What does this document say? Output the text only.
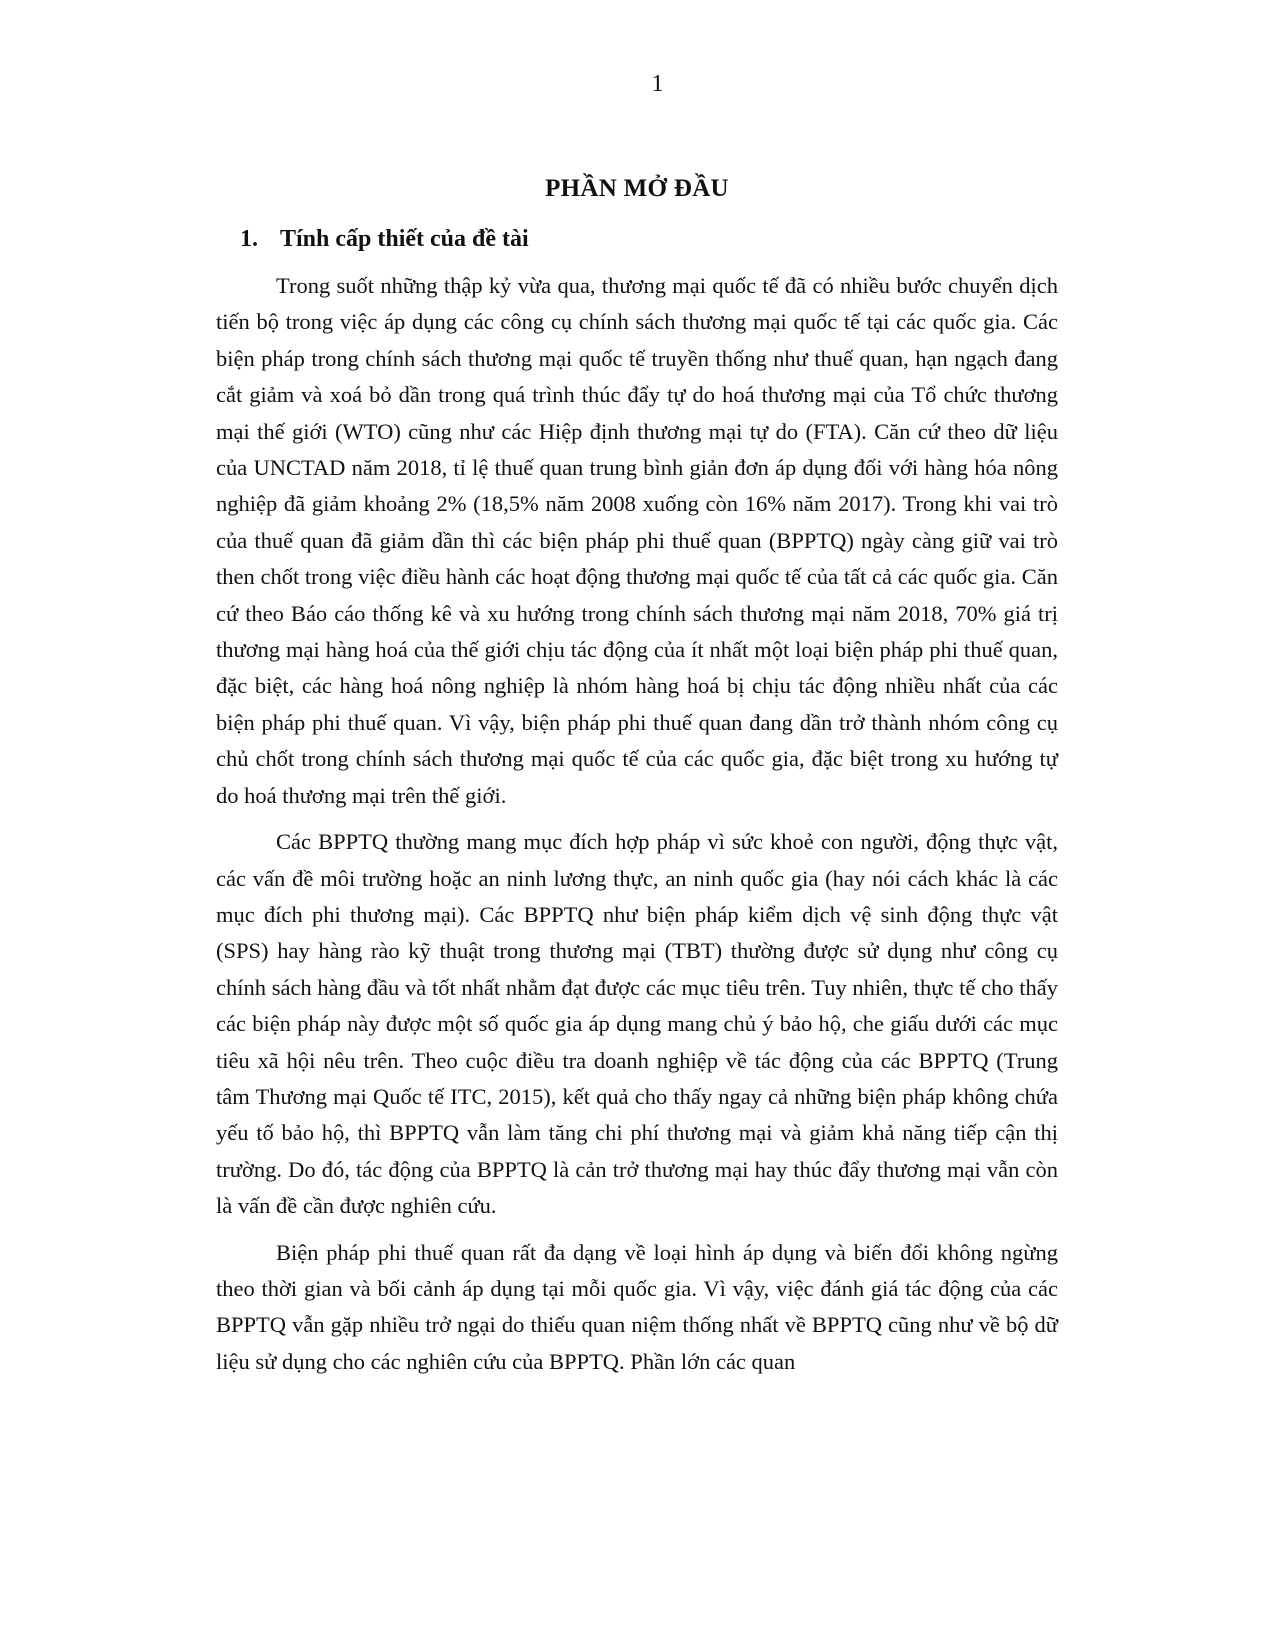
1
PHẦN MỞ ĐẦU
1. Tính cấp thiết của đề tài

Trong suốt những thập kỷ vừa qua, thương mại quốc tế đã có nhiều bước chuyển dịch tiến bộ trong việc áp dụng các công cụ chính sách thương mại quốc tế tại các quốc gia. Các biện pháp trong chính sách thương mại quốc tế truyền thống như thuế quan, hạn ngạch đang cắt giảm và xoá bỏ dần trong quá trình thúc đẩy tự do hoá thương mại của Tổ chức thương mại thế giới (WTO) cũng như các Hiệp định thương mại tự do (FTA). Căn cứ theo dữ liệu của UNCTAD năm 2018, tỉ lệ thuế quan trung bình giản đơn áp dụng đối với hàng hóa nông nghiệp đã giảm khoảng 2% (18,5% năm 2008 xuống còn 16% năm 2017). Trong khi vai trò của thuế quan đã giảm dần thì các biện pháp phi thuế quan (BPPTQ) ngày càng giữ vai trò then chốt trong việc điều hành các hoạt động thương mại quốc tế của tất cả các quốc gia. Căn cứ theo Báo cáo thống kê và xu hướng trong chính sách thương mại năm 2018, 70% giá trị thương mại hàng hoá của thế giới chịu tác động của ít nhất một loại biện pháp phi thuế quan, đặc biệt, các hàng hoá nông nghiệp là nhóm hàng hoá bị chịu tác động nhiều nhất của các biện pháp phi thuế quan. Vì vậy, biện pháp phi thuế quan đang dần trở thành nhóm công cụ chủ chốt trong chính sách thương mại quốc tế của các quốc gia, đặc biệt trong xu hướng tự do hoá thương mại trên thế giới.

Các BPPTQ thường mang mục đích hợp pháp vì sức khoẻ con người, động thực vật, các vấn đề môi trường hoặc an ninh lương thực, an ninh quốc gia (hay nói cách khác là các mục đích phi thương mại). Các BPPTQ như biện pháp kiểm dịch vệ sinh động thực vật (SPS) hay hàng rào kỹ thuật trong thương mại (TBT) thường được sử dụng như công cụ chính sách hàng đầu và tốt nhất nhằm đạt được các mục tiêu trên. Tuy nhiên, thực tế cho thấy các biện pháp này được một số quốc gia áp dụng mang chủ ý bảo hộ, che giấu dưới các mục tiêu xã hội nêu trên. Theo cuộc điều tra doanh nghiệp về tác động của các BPPTQ (Trung tâm Thương mại Quốc tế ITC, 2015), kết quả cho thấy ngay cả những biện pháp không chứa yếu tố bảo hộ, thì BPPTQ vẫn làm tăng chi phí thương mại và giảm khả năng tiếp cận thị trường. Do đó, tác động của BPPTQ là cản trở thương mại hay thúc đẩy thương mại vẫn còn là vấn đề cần được nghiên cứu.

Biện pháp phi thuế quan rất đa dạng về loại hình áp dụng và biến đổi không ngừng theo thời gian và bối cảnh áp dụng tại mỗi quốc gia. Vì vậy, việc đánh giá tác động của các BPPTQ vẫn gặp nhiều trở ngại do thiếu quan niệm thống nhất về BPPTQ cũng như về bộ dữ liệu sử dụng cho các nghiên cứu của BPPTQ. Phần lớn các quan
